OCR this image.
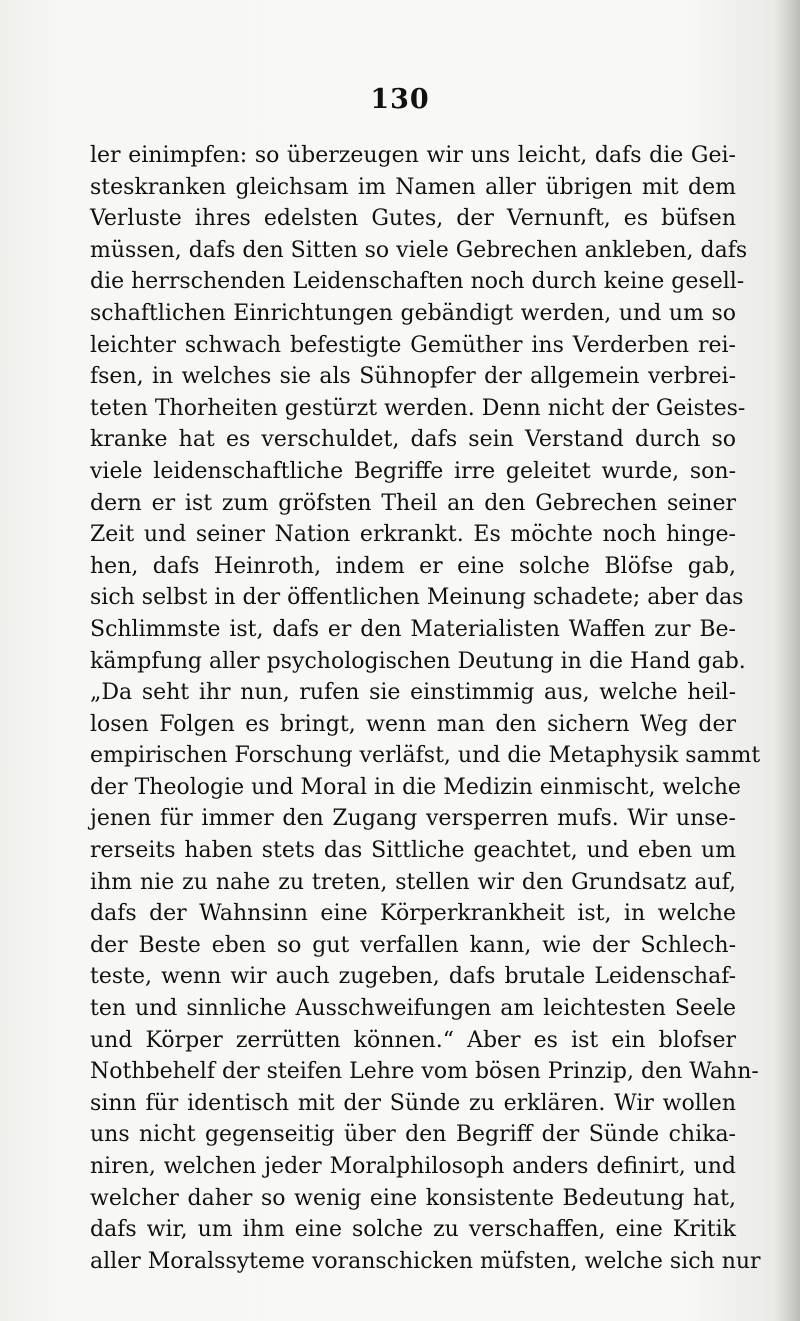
130
ler einimpfen: so überzeugen wir uns leicht, dafs die Gei-
steskranken gleichsam im Namen aller übrigen mit dem
Verluste ihres edelsten Gutes, der Vernunft, es büfsen
müssen, dafs den Sitten so viele Gebrechen ankleben, dafs
die herrschenden Leidenschaften noch durch keine gesell-
schaftlichen Einrichtungen gebändigt werden, und um so
leichter schwach befestigte Gemüther ins Verderben rei-
fsen, in welches sie als Sühnopfer der allgemein verbrei-
teten Thorheiten gestürzt werden. Denn nicht der Geistes-
kranke hat es verschuldet, dafs sein Verstand durch so
viele leidenschaftliche Begriffe irre geleitet wurde, son-
dern er ist zum gröfsten Theil an den Gebrechen seiner
Zeit und seiner Nation erkrankt. Es möchte noch hinge-
hen, dafs Heinroth, indem er eine solche Blöfse gab,
sich selbst in der öffentlichen Meinung schadete; aber das
Schlimmste ist, dafs er den Materialisten Waffen zur Be-
kämpfung aller psychologischen Deutung in die Hand gab.
„Da seht ihr nun, rufen sie einstimmig aus, welche heil-
losen Folgen es bringt, wenn man den sichern Weg der
empirischen Forschung verläfst, und die Metaphysik sammt
der Theologie und Moral in die Medizin einmischt, welche
jenen für immer den Zugang versperren mufs. Wir unse-
rerseits haben stets das Sittliche geachtet, und eben um
ihm nie zu nahe zu treten, stellen wir den Grundsatz auf,
dafs der Wahnsinn eine Körperkrankheit ist, in welche
der Beste eben so gut verfallen kann, wie der Schlech-
teste, wenn wir auch zugeben, dafs brutale Leidenschaf-
ten und sinnliche Ausschweifungen am leichtesten Seele
und Körper zerrütten können.“ Aber es ist ein blofser
Nothbehelf der steifen Lehre vom bösen Prinzip, den Wahn-
sinn für identisch mit der Sünde zu erklären. Wir wollen
uns nicht gegenseitig über den Begriff der Sünde chika-
niren, welchen jeder Moralphilosoph anders definirt, und
welcher daher so wenig eine konsistente Bedeutung hat,
dafs wir, um ihm eine solche zu verschaffen, eine Kritik
aller Moralssyteme voranschicken müfsten, welche sich nur
